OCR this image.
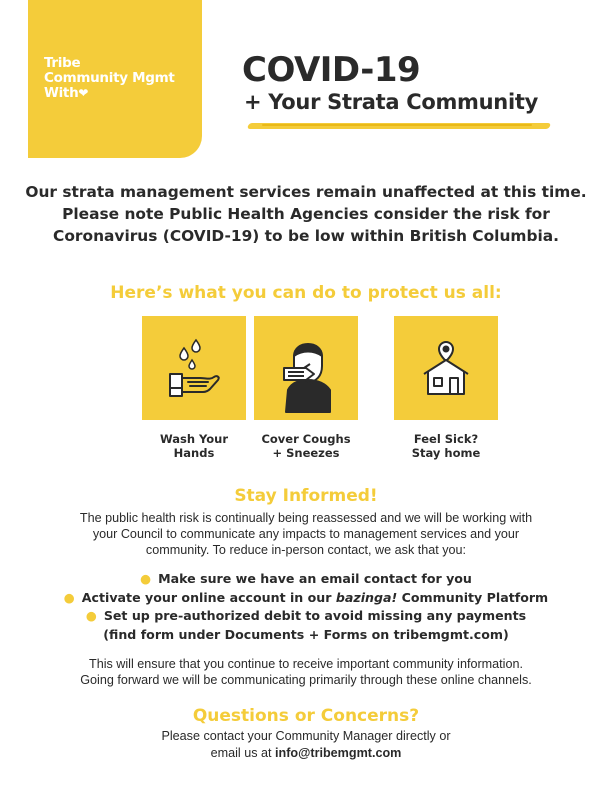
Tribe
Community Mgmt
With❤
COVID-19
+ Your Strata Community
Our strata management services remain unaffected at this time.
Please note Public Health Agencies consider the risk for
Coronavirus (COVID-19) to be low within British Columbia.
Here’s what you can do to protect us all:
Wash Your
Hands
Cover Coughs
+ Sneezes
Feel Sick?
Stay home
Stay Informed!
The public health risk is continually being reassessed and we will be working with
your Council to communicate any impacts to management services and your
community. To reduce in-person contact, we ask that you:
● Make sure we have an email contact for you
● Activate your online account in our bazinga! Community Platform
● Set up pre-authorized debit to avoid missing any payments
(find form under Documents + Forms on tribemgmt.com)
This will ensure that you continue to receive important community information.
Going forward we will be communicating primarily through these online channels.
Questions or Concerns?
Please contact your Community Manager directly or
email us at info@tribemgmt.com
